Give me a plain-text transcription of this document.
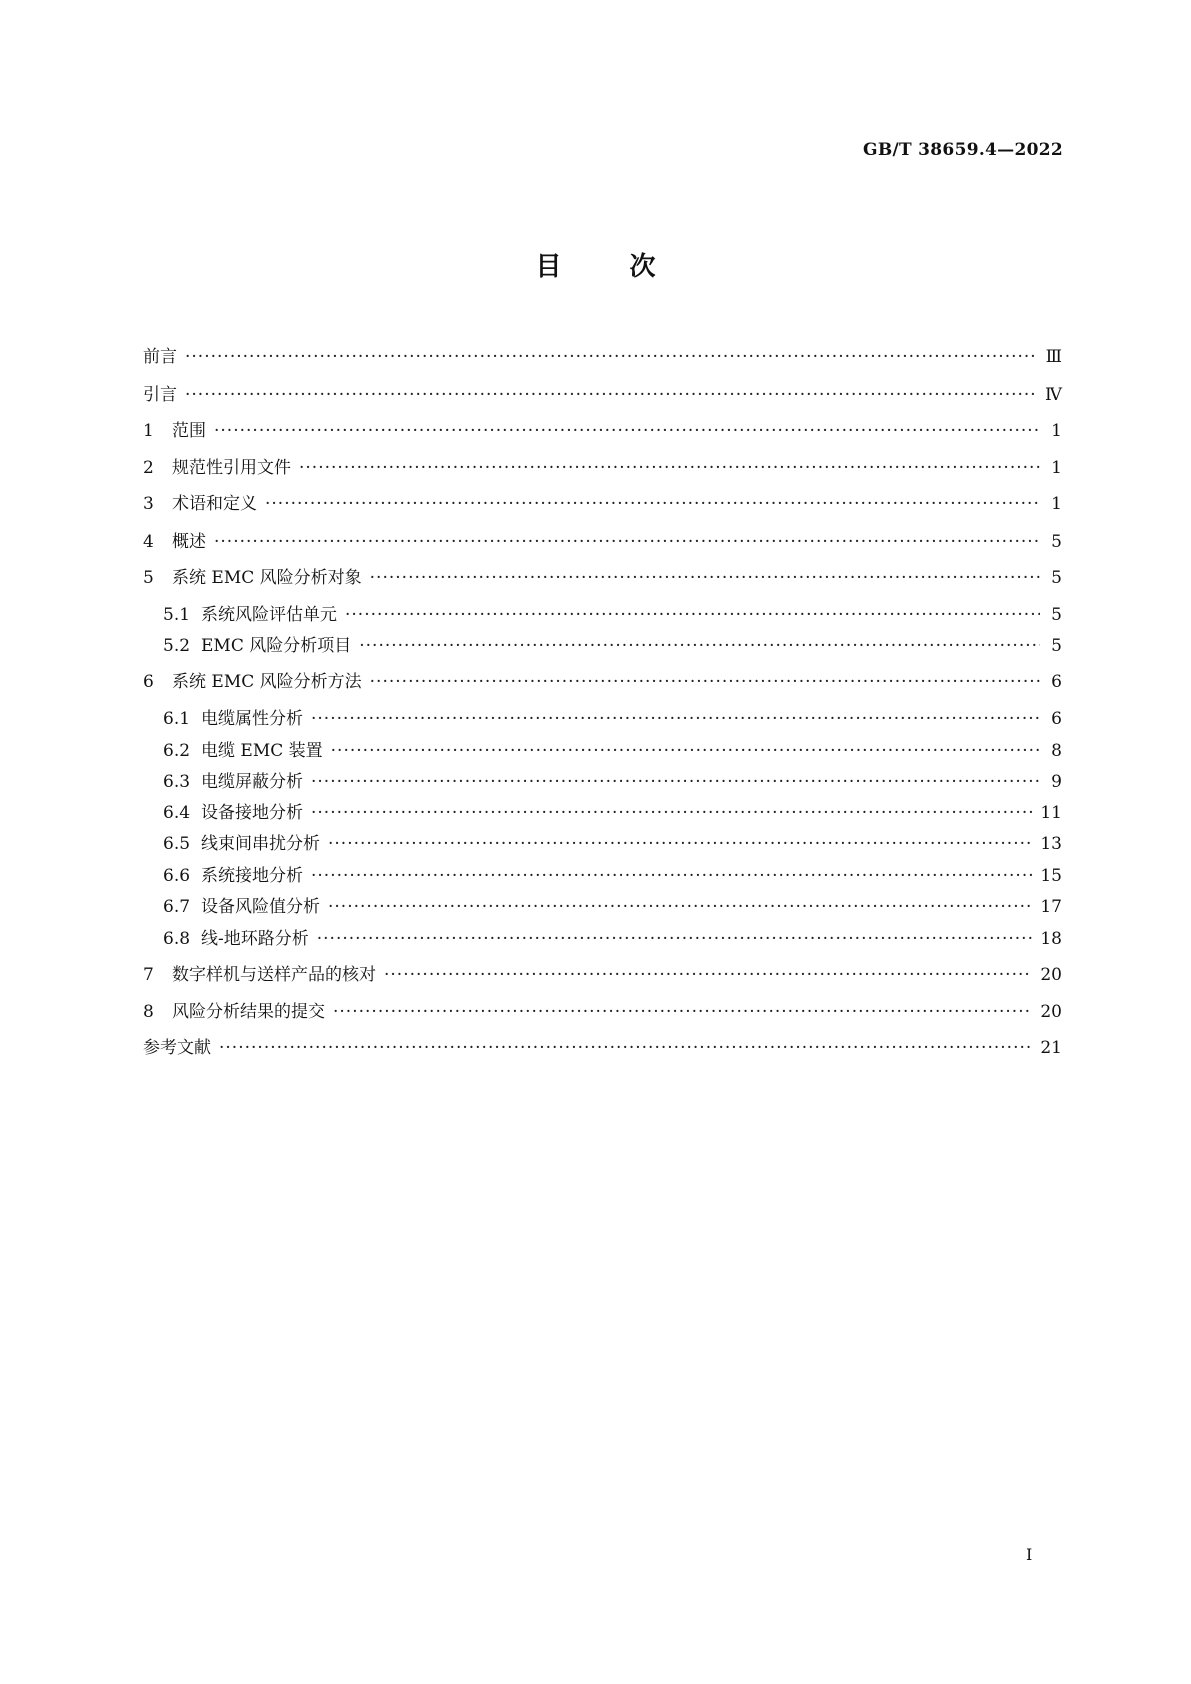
GB/T 38659.4—2022
目	次
前言 ·····	Ⅲ
引言 ·····	Ⅳ
1	范围 ·····	1
2	规范性引用文件 ·····	1
3	术语和定义 ·····	1
4	概述 ·····	5
5	系统 EMC 风险分析对象 ·····	5
5.1 系统风险评估单元 ·····	5
5.2 EMC 风险分析项目 ·····	5
6	系统 EMC 风险分析方法 ·····	6
6.1 电缆属性分析 ·····	6
6.2 电缆 EMC 装置 ·····	8
6.3 电缆屏蔽分析 ·····	9
6.4 设备接地分析 ·····	11
6.5 线束间串扰分析 ·····	13
6.6 系统接地分析 ·····	15
6.7 设备风险值分析 ·····	17
6.8 线-地环路分析 ·····	18
7	数字样机与送样产品的核对 ·····	20
8	风险分析结果的提交 ·····	20
参考文献 ·····	21
I
